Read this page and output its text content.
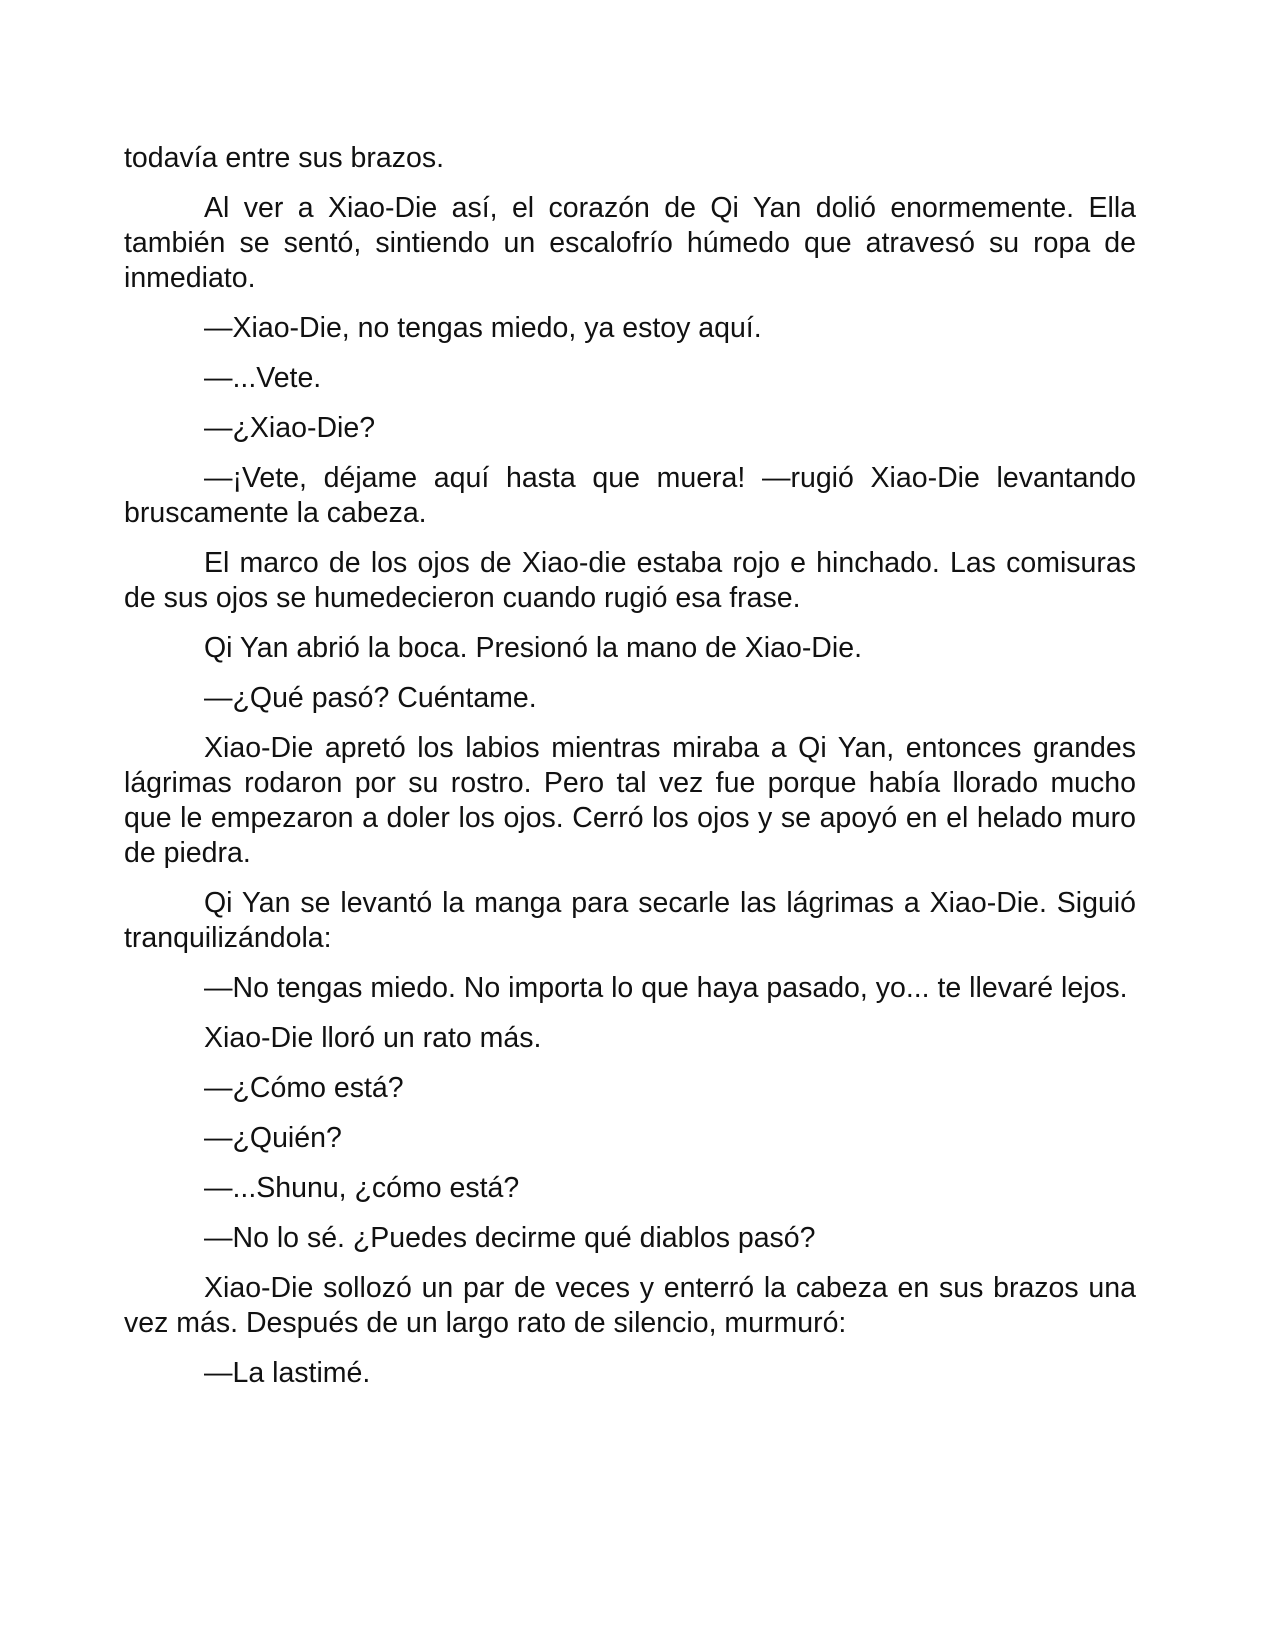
todavía entre sus brazos.

Al ver a Xiao-Die así, el corazón de Qi Yan dolió enormemente. Ella también se sentó, sintiendo un escalofrío húmedo que atravesó su ropa de inmediato.

—Xiao-Die, no tengas miedo, ya estoy aquí.

—...Vete.

—¿Xiao-Die?

—¡Vete, déjame aquí hasta que muera! —rugió Xiao-Die levantando bruscamente la cabeza.

El marco de los ojos de Xiao-die estaba rojo e hinchado. Las comisuras de sus ojos se humedecieron cuando rugió esa frase.

Qi Yan abrió la boca. Presionó la mano de Xiao-Die.

—¿Qué pasó? Cuéntame.

Xiao-Die apretó los labios mientras miraba a Qi Yan, entonces grandes lágrimas rodaron por su rostro. Pero tal vez fue porque había llorado mucho que le empezaron a doler los ojos. Cerró los ojos y se apoyó en el helado muro de piedra.

Qi Yan se levantó la manga para secarle las lágrimas a Xiao-Die. Siguió tranquilizándola:

—No tengas miedo. No importa lo que haya pasado, yo... te llevaré lejos.

Xiao-Die lloró un rato más.

—¿Cómo está?

—¿Quién?

—...Shunu, ¿cómo está?

—No lo sé. ¿Puedes decirme qué diablos pasó?

Xiao-Die sollozó un par de veces y enterró la cabeza en sus brazos una vez más. Después de un largo rato de silencio, murmuró:

—La lastimé.
